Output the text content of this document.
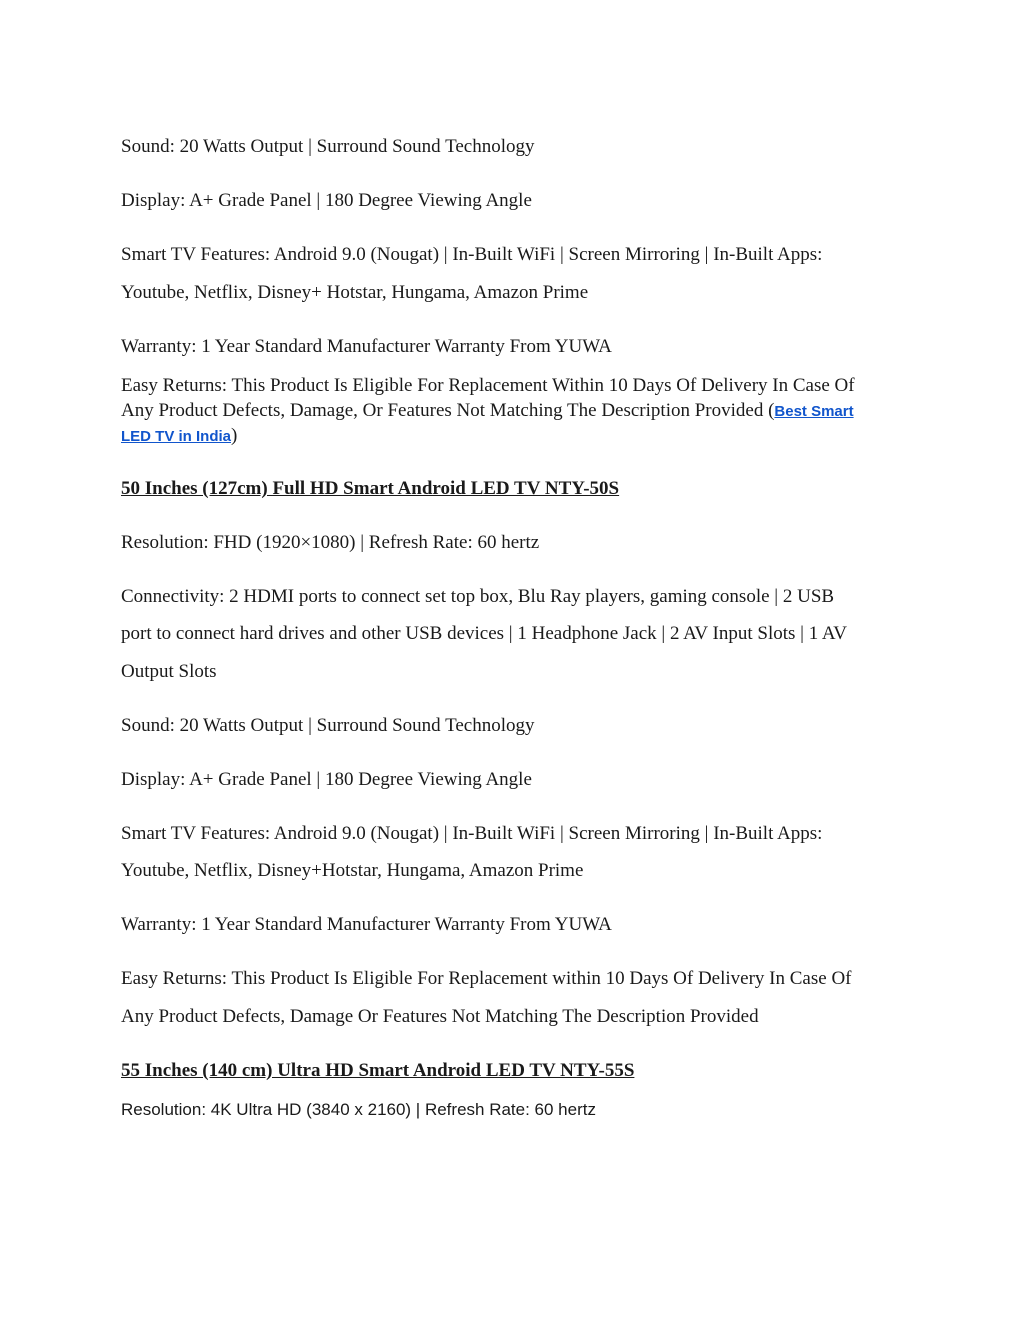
Sound: 20 Watts Output | Surround Sound Technology
Display: A+ Grade Panel | 180 Degree Viewing Angle
Smart TV Features: Android 9.0 (Nougat) | In-Built WiFi | Screen Mirroring | In-Built Apps:
Youtube, Netflix, Disney+ Hotstar, Hungama, Amazon Prime
Warranty: 1 Year Standard Manufacturer Warranty From YUWA
Easy Returns: This Product Is Eligible For Replacement Within 10 Days Of Delivery In Case Of
Any Product Defects, Damage, Or Features Not Matching The Description Provided (Best Smart
LED TV in India)
50 Inches (127cm) Full HD Smart Android LED TV NTY-50S
Resolution: FHD (1920×1080) | Refresh Rate: 60 hertz
Connectivity: 2 HDMI ports to connect set top box, Blu Ray players, gaming console | 2 USB
port to connect hard drives and other USB devices | 1 Headphone Jack | 2 AV Input Slots | 1 AV
Output Slots
Sound: 20 Watts Output | Surround Sound Technology
Display: A+ Grade Panel | 180 Degree Viewing Angle
Smart TV Features: Android 9.0 (Nougat) | In-Built WiFi | Screen Mirroring | In-Built Apps:
Youtube, Netflix, Disney+Hotstar, Hungama, Amazon Prime
Warranty: 1 Year Standard Manufacturer Warranty From YUWA
Easy Returns: This Product Is Eligible For Replacement within 10 Days Of Delivery In Case Of
Any Product Defects, Damage Or Features Not Matching The Description Provided
55 Inches (140 cm) Ultra HD Smart Android LED TV NTY-55S
Resolution: 4K Ultra HD (3840 x 2160) | Refresh Rate: 60 hertz
